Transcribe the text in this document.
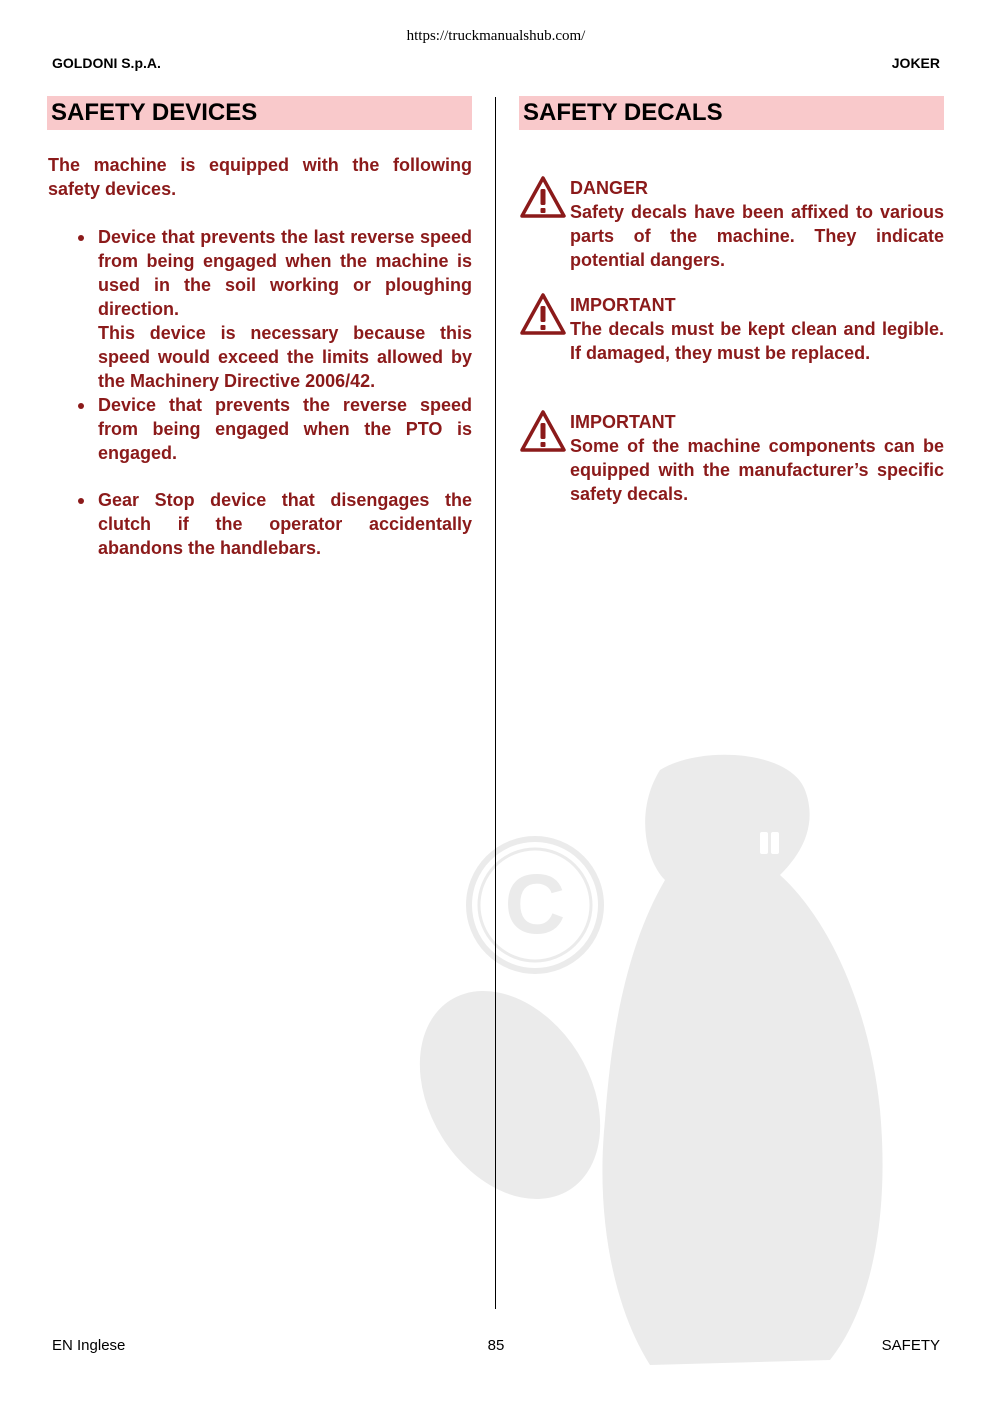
https://truckmanualshub.com/
GOLDONI S.p.A.	JOKER
C
SAFETY DEVICES	SAFETY DECALS
The machine is equipped with the following safety devices.
Device that prevents the last reverse speed from being engaged when the machine is used in the soil working or ploughing direction.
This device is necessary because this speed would exceed the limits allowed by the Machinery Directive 2006/42.
Device that prevents the reverse speed from being engaged when the PTO is engaged.
Gear Stop device that disengages the clutch if the operator accidentally abandons the handlebars.
DANGER
Safety decals have been affixed to various parts of the machine. They indicate potential dangers.
IMPORTANT
The decals must be kept clean and legible. If damaged, they must be replaced.
IMPORTANT
Some of the machine components can be equipped with the manufacturer’s specific safety decals.
EN Inglese	85	SAFETY
